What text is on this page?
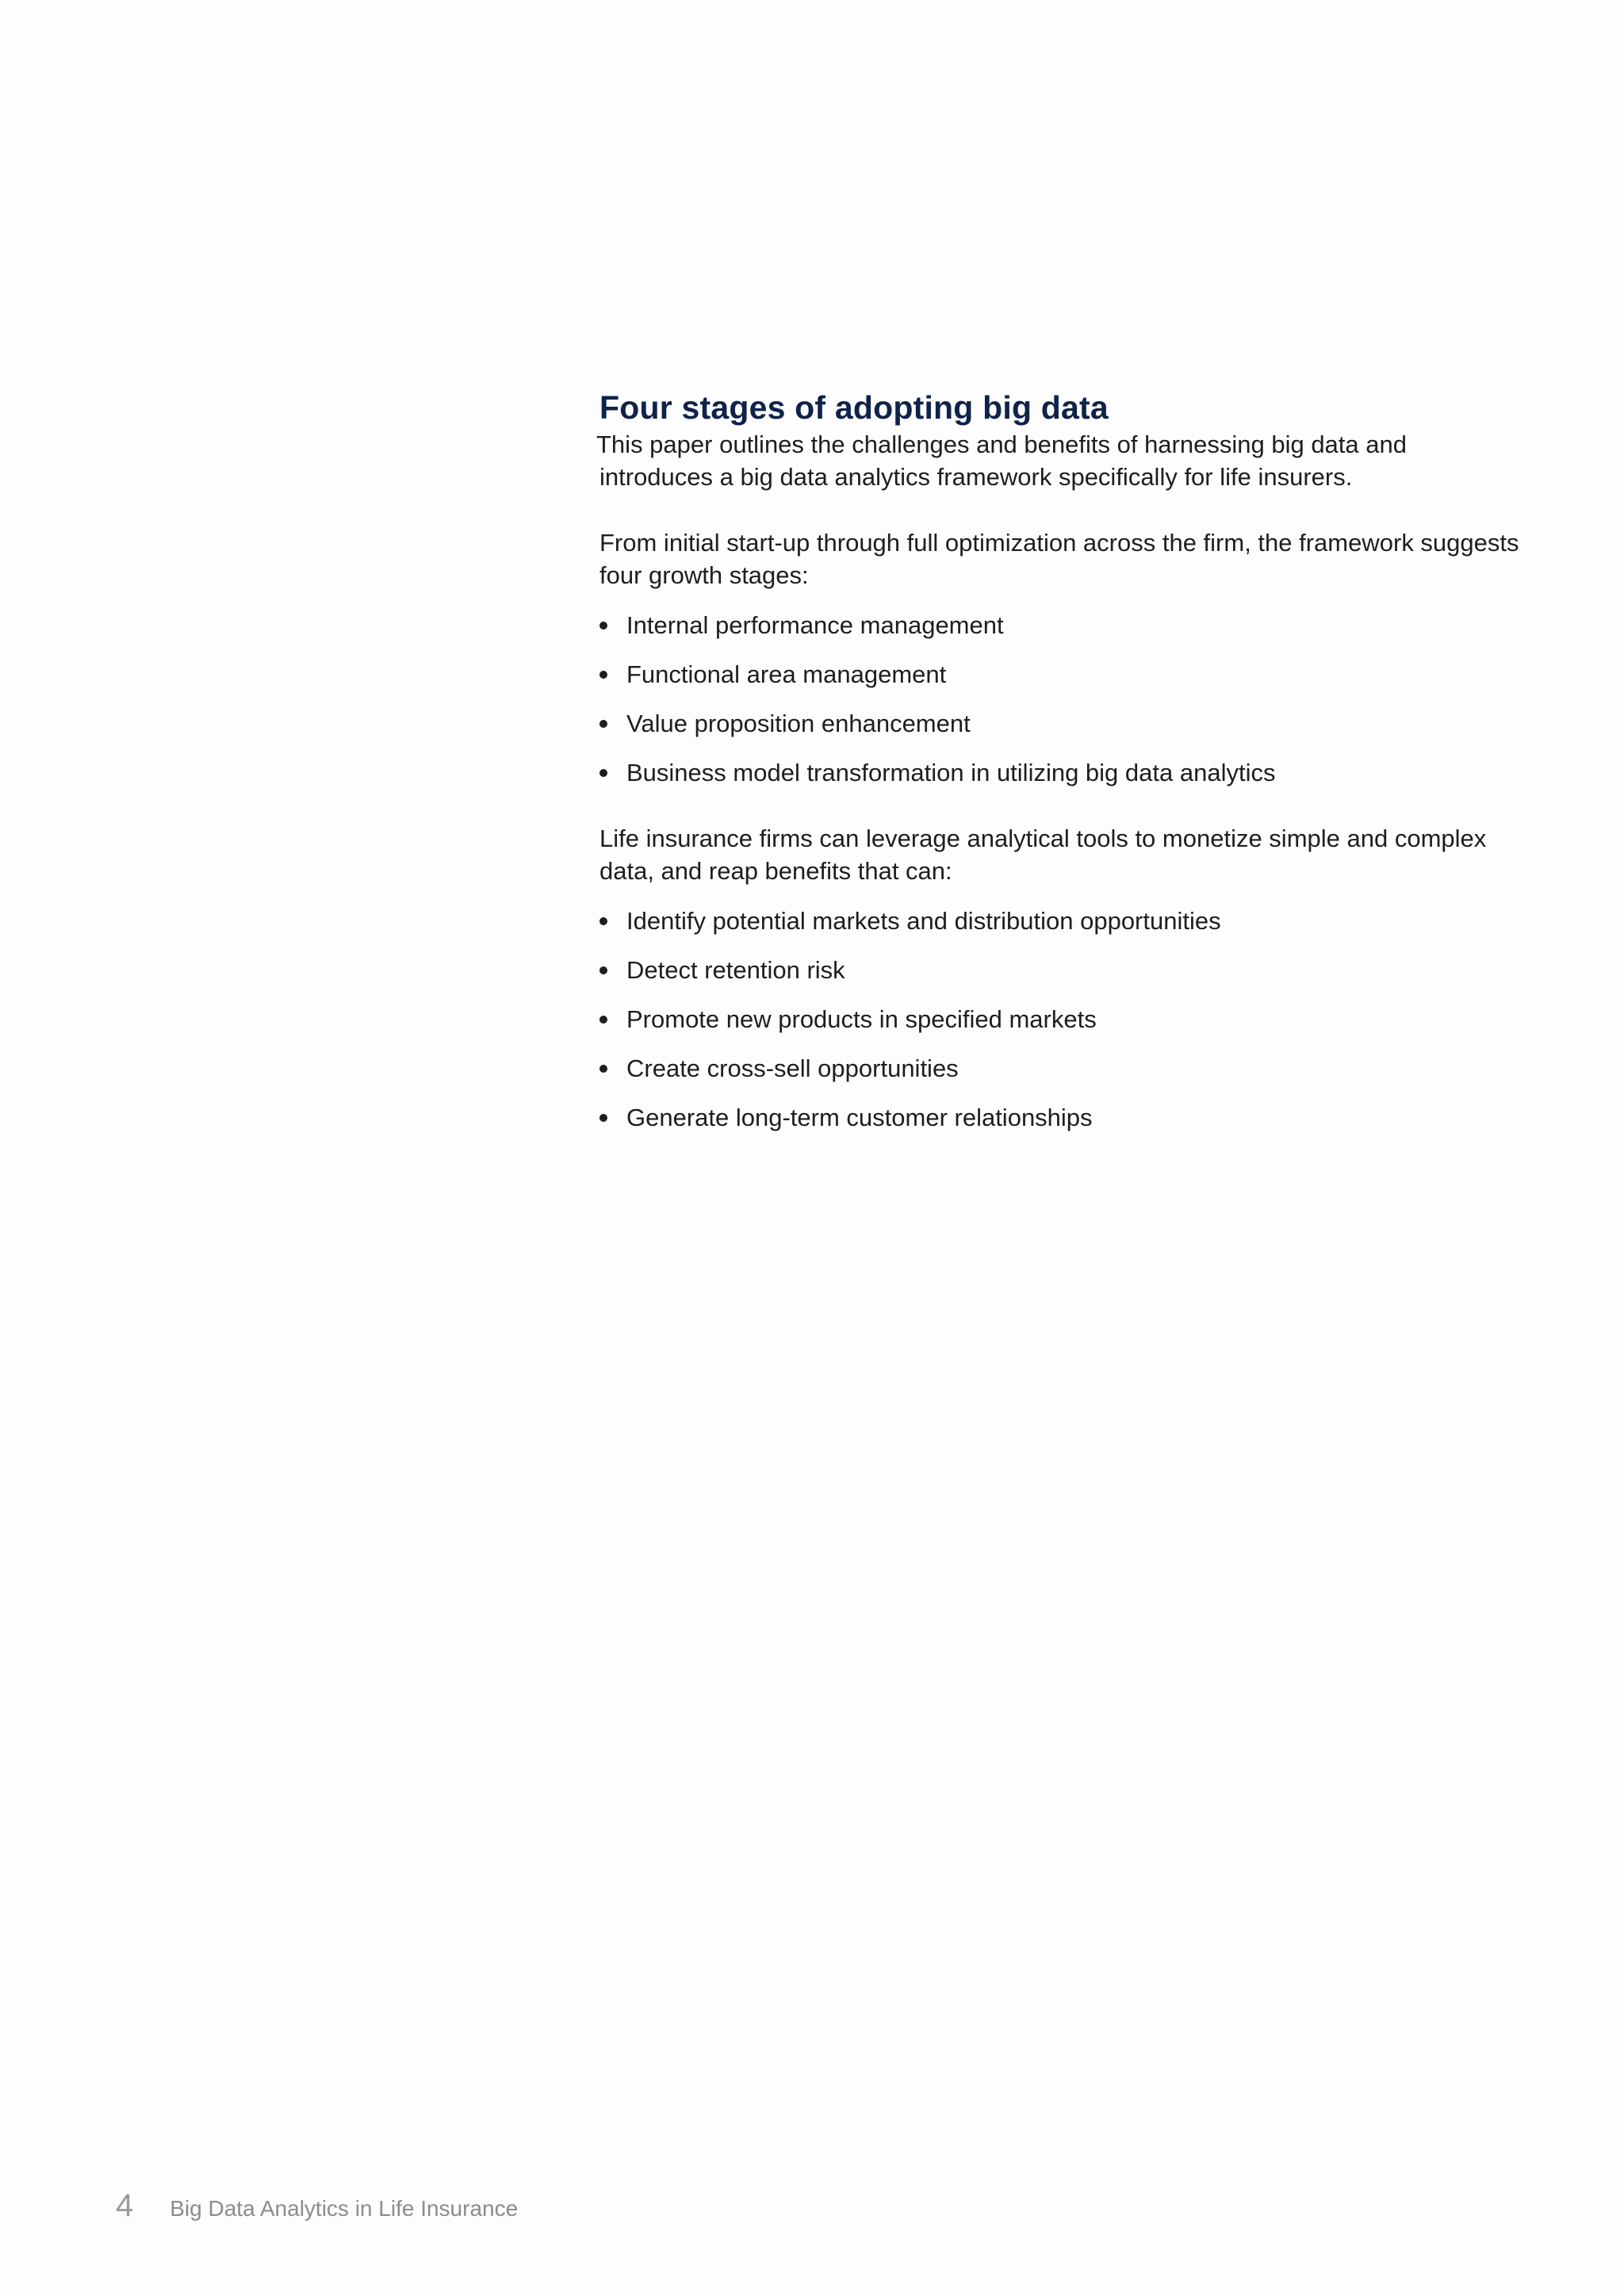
Four stages of adopting big data

This paper outlines the challenges and benefits of harnessing big data and
introduces a big data analytics framework specifically for life insurers.

From initial start-up through full optimization across the firm, the framework suggests four growth stages:

Internal performance management
Functional area management
Value proposition enhancement
Business model transformation in utilizing big data analytics

Life insurance firms can leverage analytical tools to monetize simple and complex data, and reap benefits that can:

Identify potential markets and distribution opportunities
Detect retention risk
Promote new products in specified markets
Create cross-sell opportunities
Generate long-term customer relationships
4 Big Data Analytics in Life Insurance
